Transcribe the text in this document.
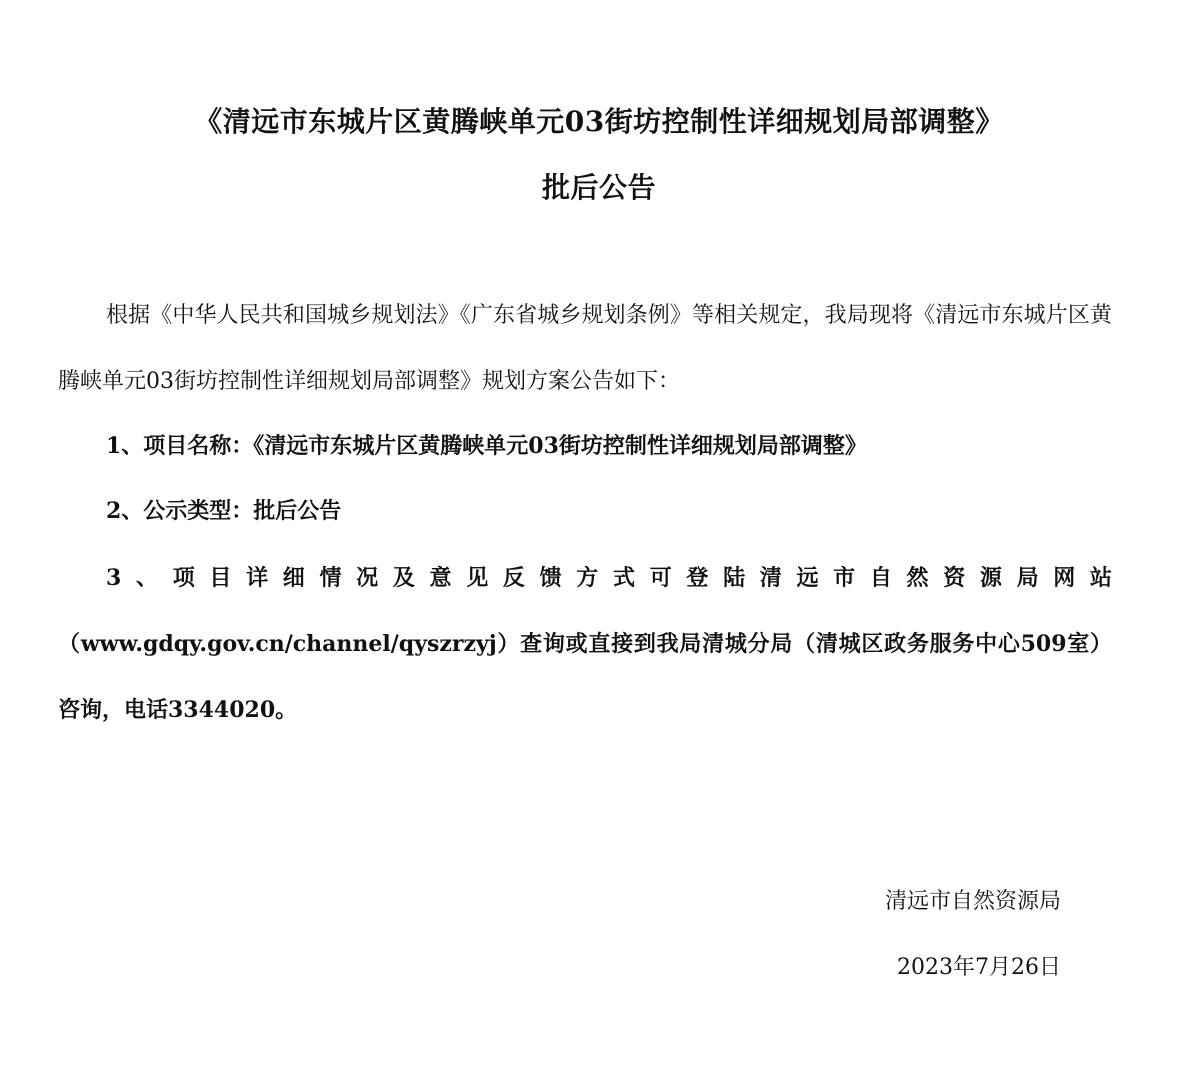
《清远市东城片区黄腾峡单元03街坊控制性详细规划局部调整》
批后公告
根据《中华人民共和国城乡规划法》《广东省城乡规划条例》等相关规定，我局现将《清远市东城片区黄腾峡单元03街坊控制性详细规划局部调整》规划方案公告如下：
1、项目名称：《清远市东城片区黄腾峡单元03街坊控制性详细规划局部调整》
2、公示类型：批后公告
3、项目详细情况及意见反馈方式可登陆清远市自然资源局网站（www.gdqy.gov.cn/channel/qyszrzyj）查询或直接到我局清城分局（清城区政务服务中心509室）咨询，电话3344020。
清远市自然资源局
2023年7月26日
